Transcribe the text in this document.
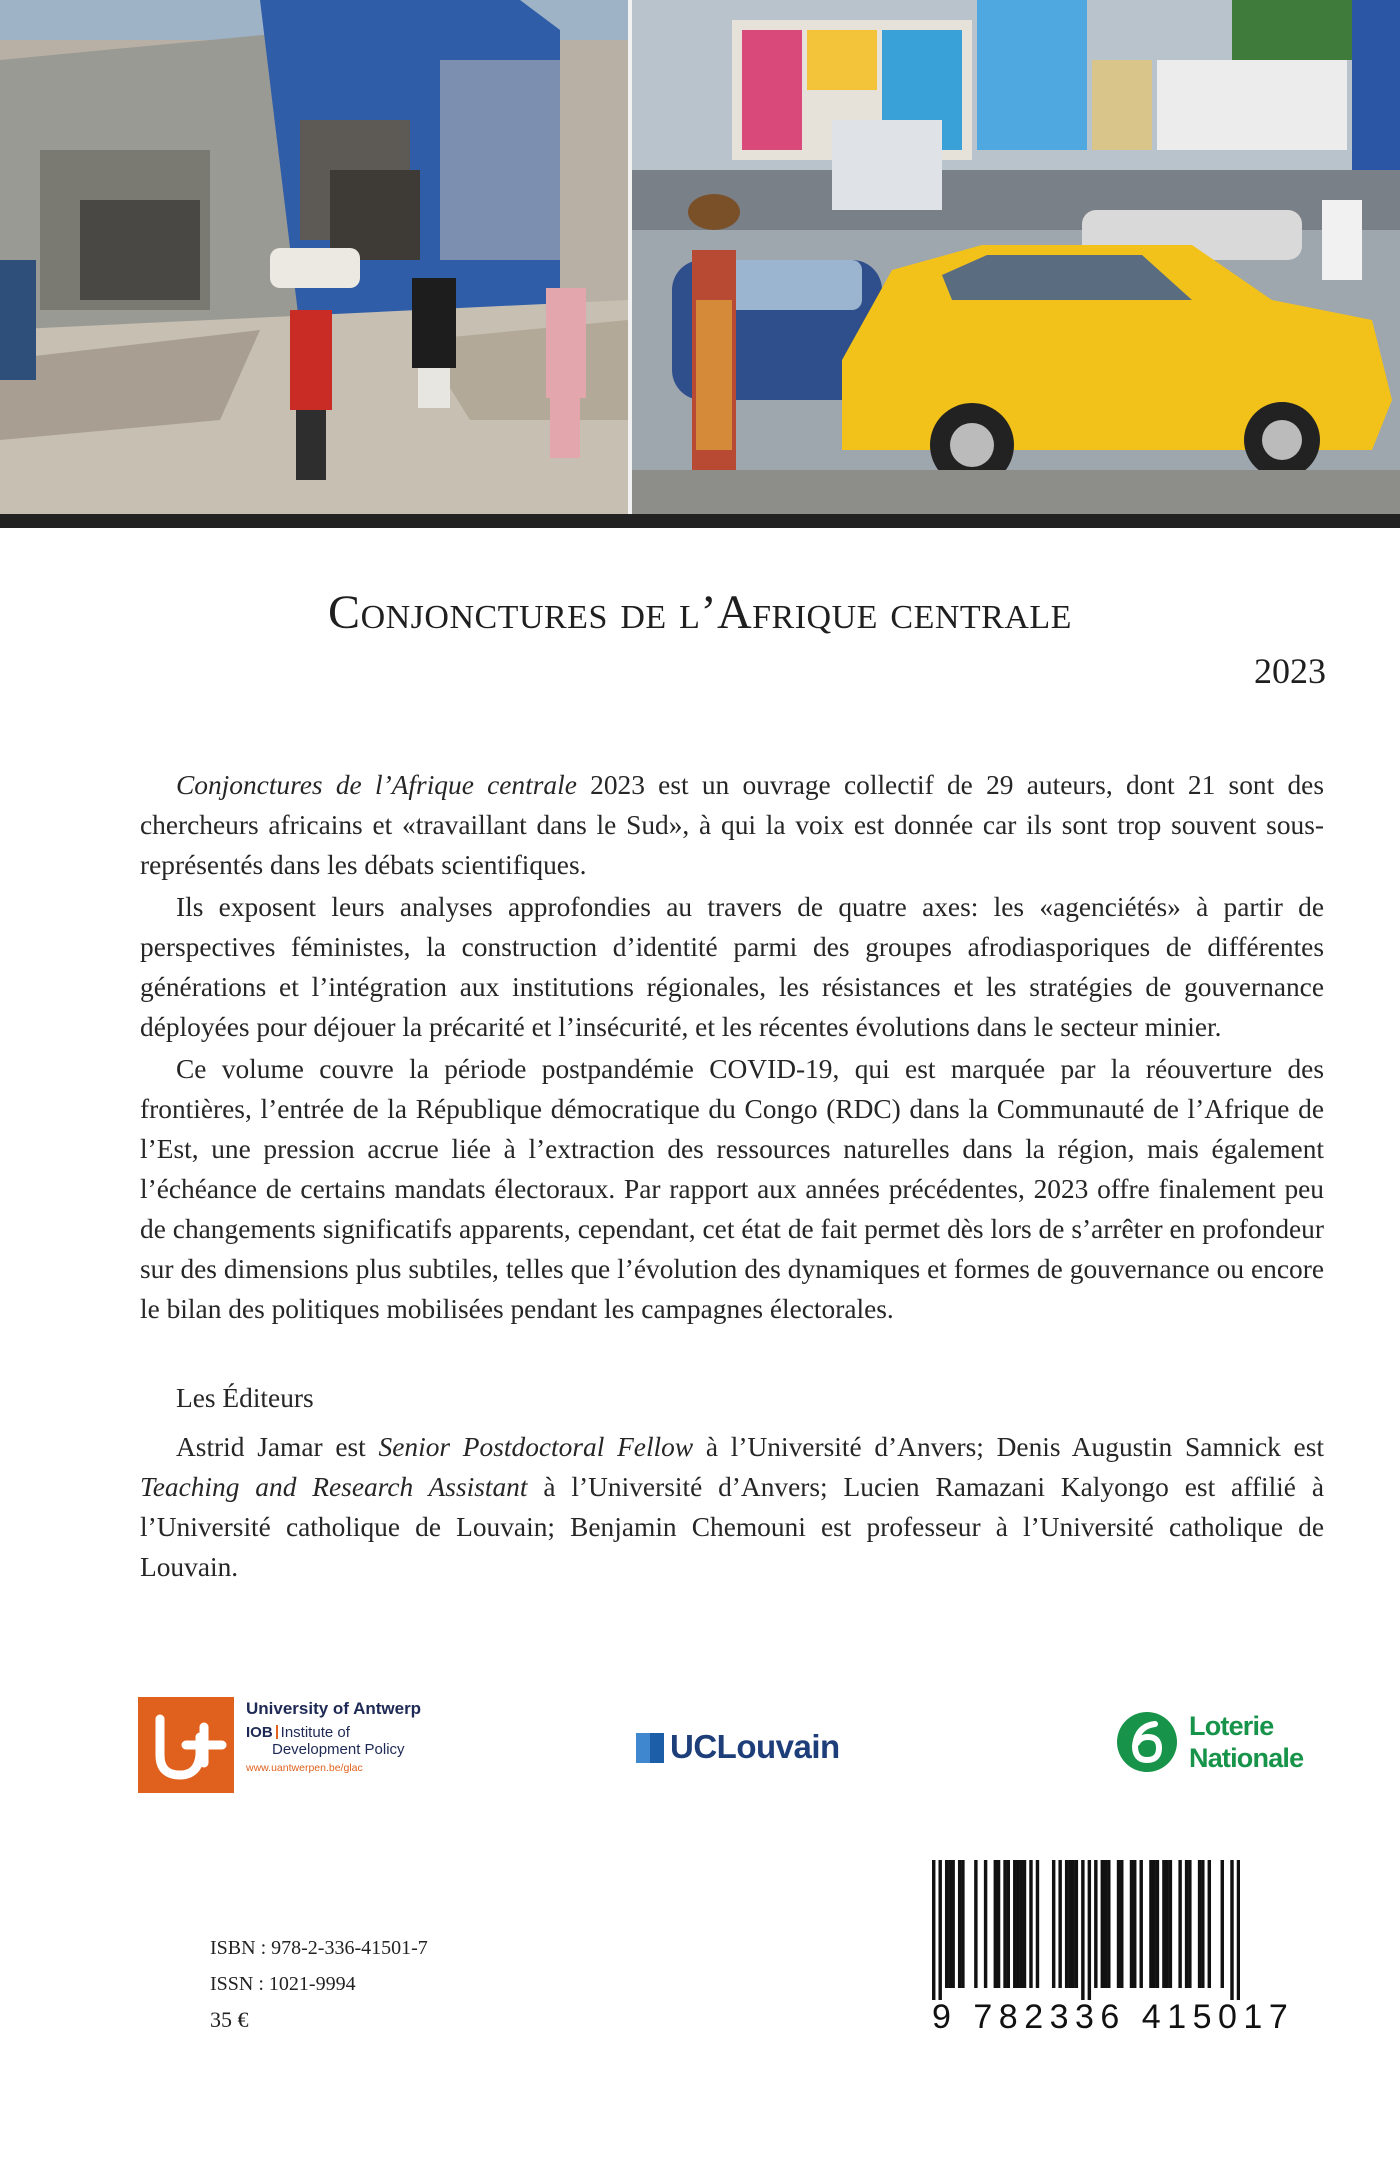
Conjonctures de l’Afrique centrale
2023

Conjonctures de l’Afrique centrale 2023 est un ouvrage collectif de 29 auteurs, dont 21 sont des chercheurs africains et «travaillant dans le Sud», à qui la voix est donnée car ils sont trop souvent sous-représentés dans les débats scientifiques.

Ils exposent leurs analyses approfondies au travers de quatre axes: les «agenciétés» à partir de perspectives féministes, la construction d’identité parmi des groupes afrodiasporiques de différentes générations et l’intégration aux institutions régionales, les résistances et les stratégies de gouvernance déployées pour déjouer la précarité et l’insécurité, et les récentes évolutions dans le secteur minier.

Ce volume couvre la période postpandémie COVID-19, qui est marquée par la réouverture des frontières, l’entrée de la République démocratique du Congo (RDC) dans la Communauté de l’Afrique de l’Est, une pression accrue liée à l’extraction des ressources naturelles dans la région, mais également l’échéance de certains mandats électoraux. Par rapport aux années précédentes, 2023 offre finalement peu de changements significatifs apparents, cependant, cet état de fait permet dès lors de s’arrêter en profondeur sur des dimensions plus subtiles, telles que l’évolution des dynamiques et formes de gouvernance ou encore le bilan des politiques mobilisées pendant les campagnes électorales.

Les Éditeurs

Astrid Jamar est Senior Postdoctoral Fellow à l’Université d’Anvers; Denis Augustin Samnick est Teaching and Research Assistant à l’Université d’Anvers; Lucien Ramazani Kalyongo est affilié à l’Université catholique de Louvain; Benjamin Chemouni est professeur à l’Université catholique de Louvain.

University of Antwerp
IOB Institute of
Development Policy
www.uantwerpen.be/glac
UCLouvain
Loterie
Nationale
ISBN : 978-2-336-41501-7
ISSN : 1021-9994
35 €	9 782336 415017
